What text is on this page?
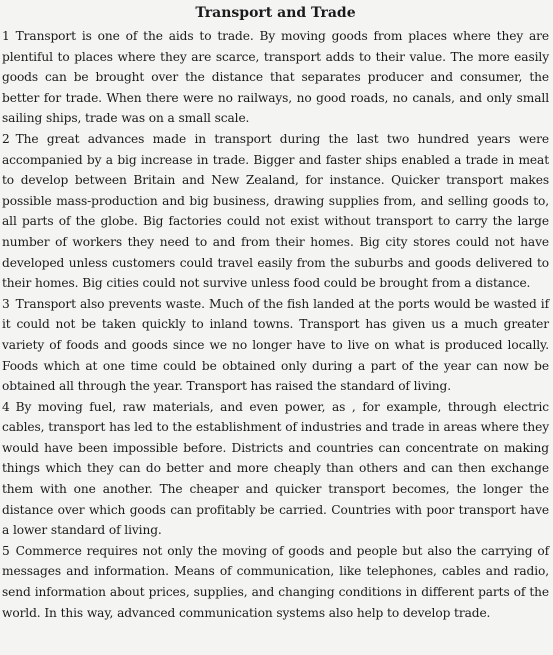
Transport and Trade

1 Transport is one of the aids to trade. By moving goods from places where they are plentiful to places where they are scarce, transport adds to their value. The more easily goods can be brought over the distance that separates producer and consumer, the better for trade. When there were no railways, no good roads, no canals, and only small sailing ships, trade was on a small scale.

2 The great advances made in transport during the last two hundred years were accompanied by a big increase in trade. Bigger and faster ships enabled a trade in meat to develop between Britain and New Zealand, for instance. Quicker transport makes possible mass-production and big business, drawing supplies from, and selling goods to, all parts of the globe. Big factories could not exist without transport to carry the large number of workers they need to and from their homes. Big city stores could not have developed unless customers could travel easily from the suburbs and goods delivered to their homes. Big cities could not survive unless food could be brought from a distance.

3 Transport also prevents waste. Much of the fish landed at the ports would be wasted if it could not be taken quickly to inland towns. Transport has given us a much greater variety of foods and goods since we no longer have to live on what is produced locally. Foods which at one time could be obtained only during a part of the year can now be obtained all through the year. Transport has raised the standard of living.

4 By moving fuel, raw materials, and even power, as , for example, through electric cables, transport has led to the establishment of industries and trade in areas where they would have been impossible before. Districts and countries can concentrate on making things which they can do better and more cheaply than others and can then exchange them with one another. The cheaper and quicker transport becomes, the longer the distance over which goods can profitably be carried. Countries with poor transport have a lower standard of living.

5 Commerce requires not only the moving of goods and people but also the carrying of messages and information. Means of communication, like telephones, cables and radio, send information about prices, supplies, and changing conditions in different parts of the world. In this way, advanced communication systems also help to develop trade.
